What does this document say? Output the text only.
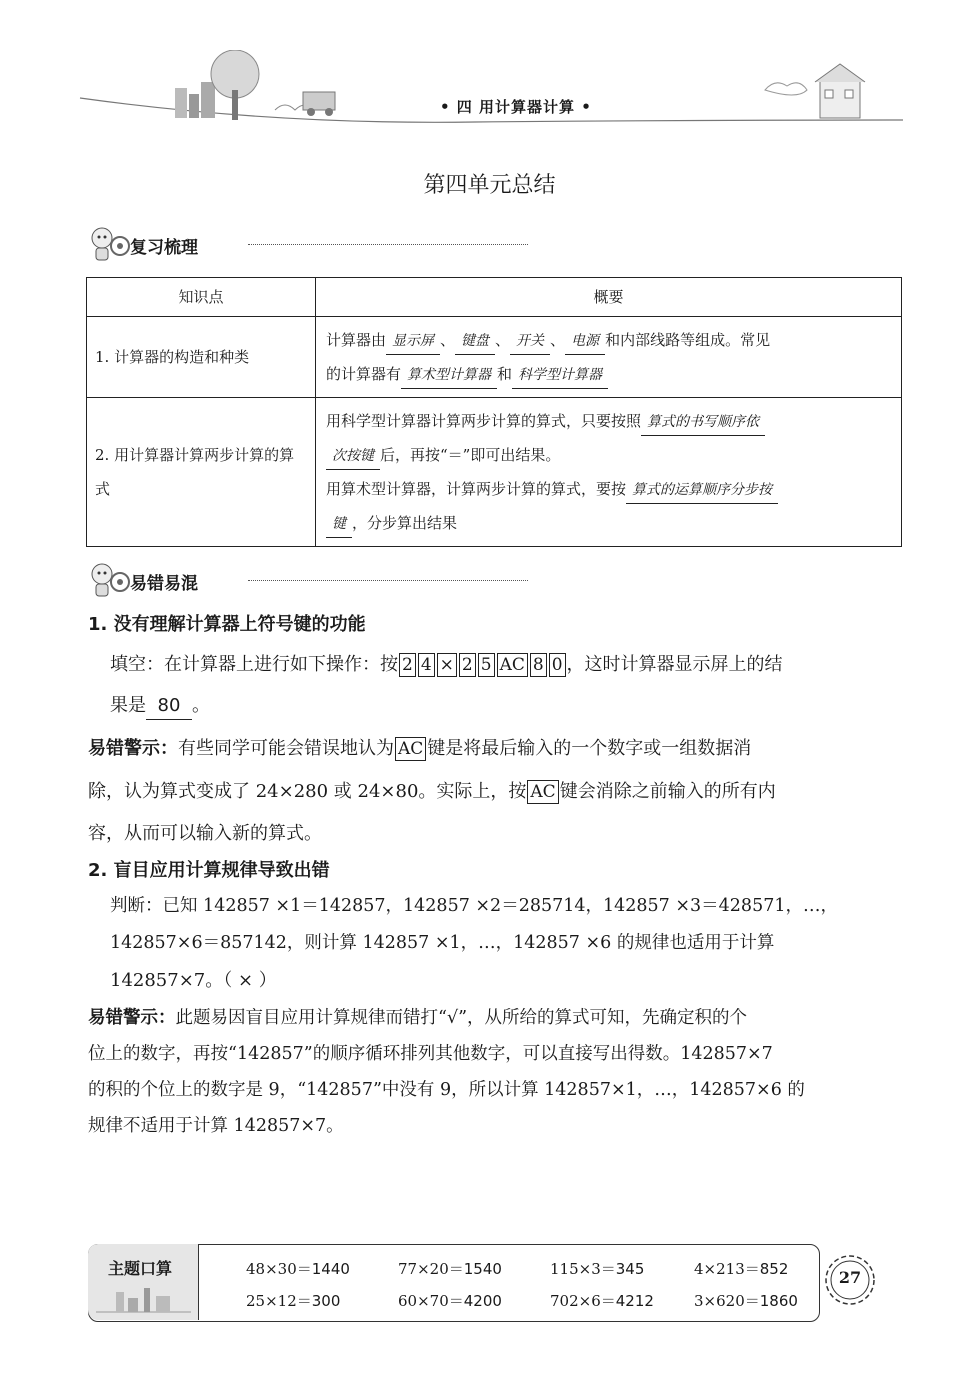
• 四 用计算器计算 •
第四单元总结
复习梳理
知识点	概要
1. 计算器的构造和种类	计算器由 显示屏 、 键盘 、 开关 、 电源 和内部线路等组成。常见
的计算器有 算术型计算器 和 科学型计算器
2. 用计算器计算两步计算的算式	用科学型计算器计算两步计算的算式，只要按照 算式的书写顺序依
次按键 后，再按“＝”即可出结果。
用算术型计算器，计算两步计算的算式，要按 算式的运算顺序分步按
键 ，分步算出结果
易错易混
1. 没有理解计算器上符号键的功能
填空：在计算器上进行如下操作：按 2 4 × 2 5 AC 8 0 ，这时计算器显示屏上的结
果是 80 。
易错警示：有些同学可能会错误地认为 AC 键是将最后输入的一个数字或一组数据消
除，认为算式变成了 24×280 或 24×80。实际上，按 AC 键会消除之前输入的所有内
容，从而可以输入新的算式。
2. 盲目应用计算规律导致出错
判断：已知 142857 ×1＝142857，142857 ×2＝285714，142857 ×3＝428571，…，
142857×6＝857142，则计算 142857 ×1，…，142857 ×6 的规律也适用于计算
142857×7。（ × ）
易错警示：此题易因盲目应用计算规律而错打“√”，从所给的算式可知，先确定积的个
位上的数字，再按“142857”的顺序循环排列其他数字，可以直接写出得数。142857×7
的积的个位上的数字是 9，“142857”中没有 9，所以计算 142857×1，…，142857×6 的
规律不适用于计算 142857×7。
主题口算	48×30＝1440	77×20＝1540	115×3＝345	4×213＝852
25×12＝300	60×70＝4200	702×6＝4212	3×620＝1860
27
